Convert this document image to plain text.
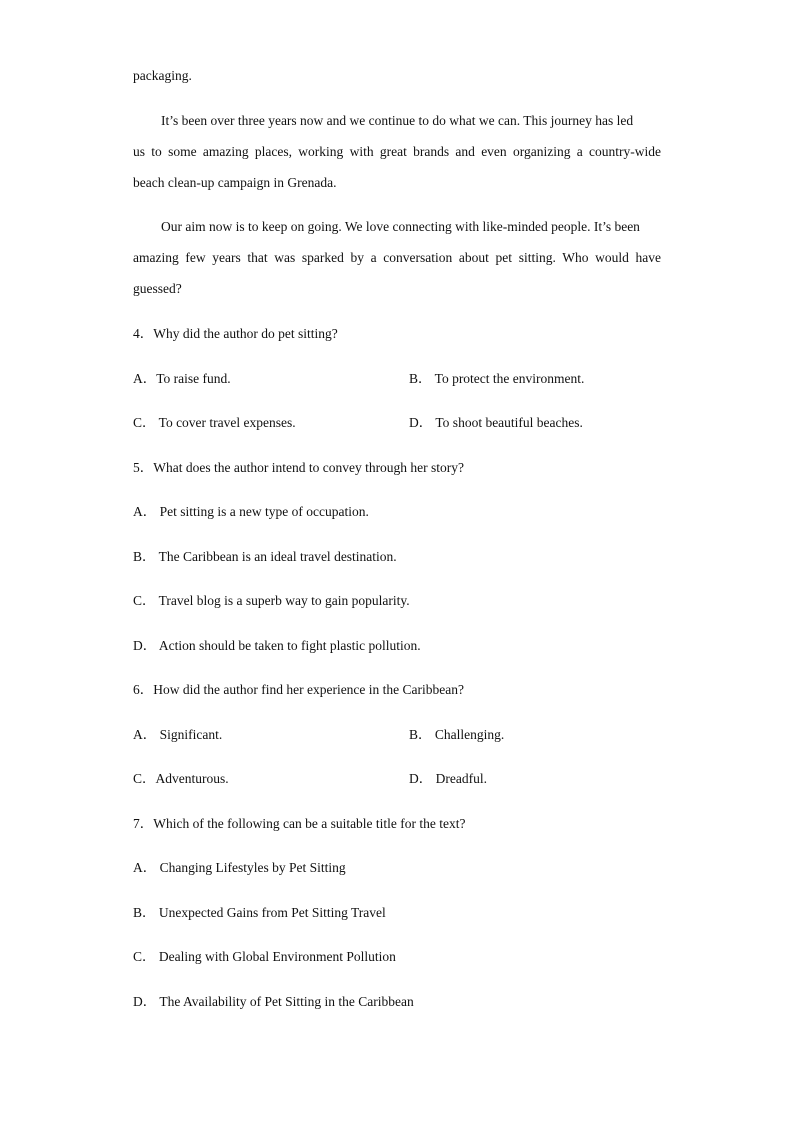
packaging.
It’s been over three years now and we continue to do what we can. This journey has led
us to some amazing places, working with great brands and even organizing a country-wide
beach clean-up campaign in Grenada.
Our aim now is to keep on going. We love connecting with like-minded people. It’s been
amazing few years that was sparked by a conversation about pet sitting. Who would have
guessed?
4．Why did the author do pet sitting?
A．To raise fund.	B． To protect the environment.
C． To cover travel expenses.	D． To shoot beautiful beaches.
5．What does the author intend to convey through her story?
A． Pet sitting is a new type of occupation.
B． The Caribbean is an ideal travel destination.
C． Travel blog is a superb way to gain popularity.
D． Action should be taken to fight plastic pollution.
6．How did the author find her experience in the Caribbean?
A． Significant.	B． Challenging.
C．Adventurous.	D． Dreadful.
7．Which of the following can be a suitable title for the text?
A． Changing Lifestyles by Pet Sitting
B． Unexpected Gains from Pet Sitting Travel
C． Dealing with Global Environment Pollution
D． The Availability of Pet Sitting in the Caribbean
